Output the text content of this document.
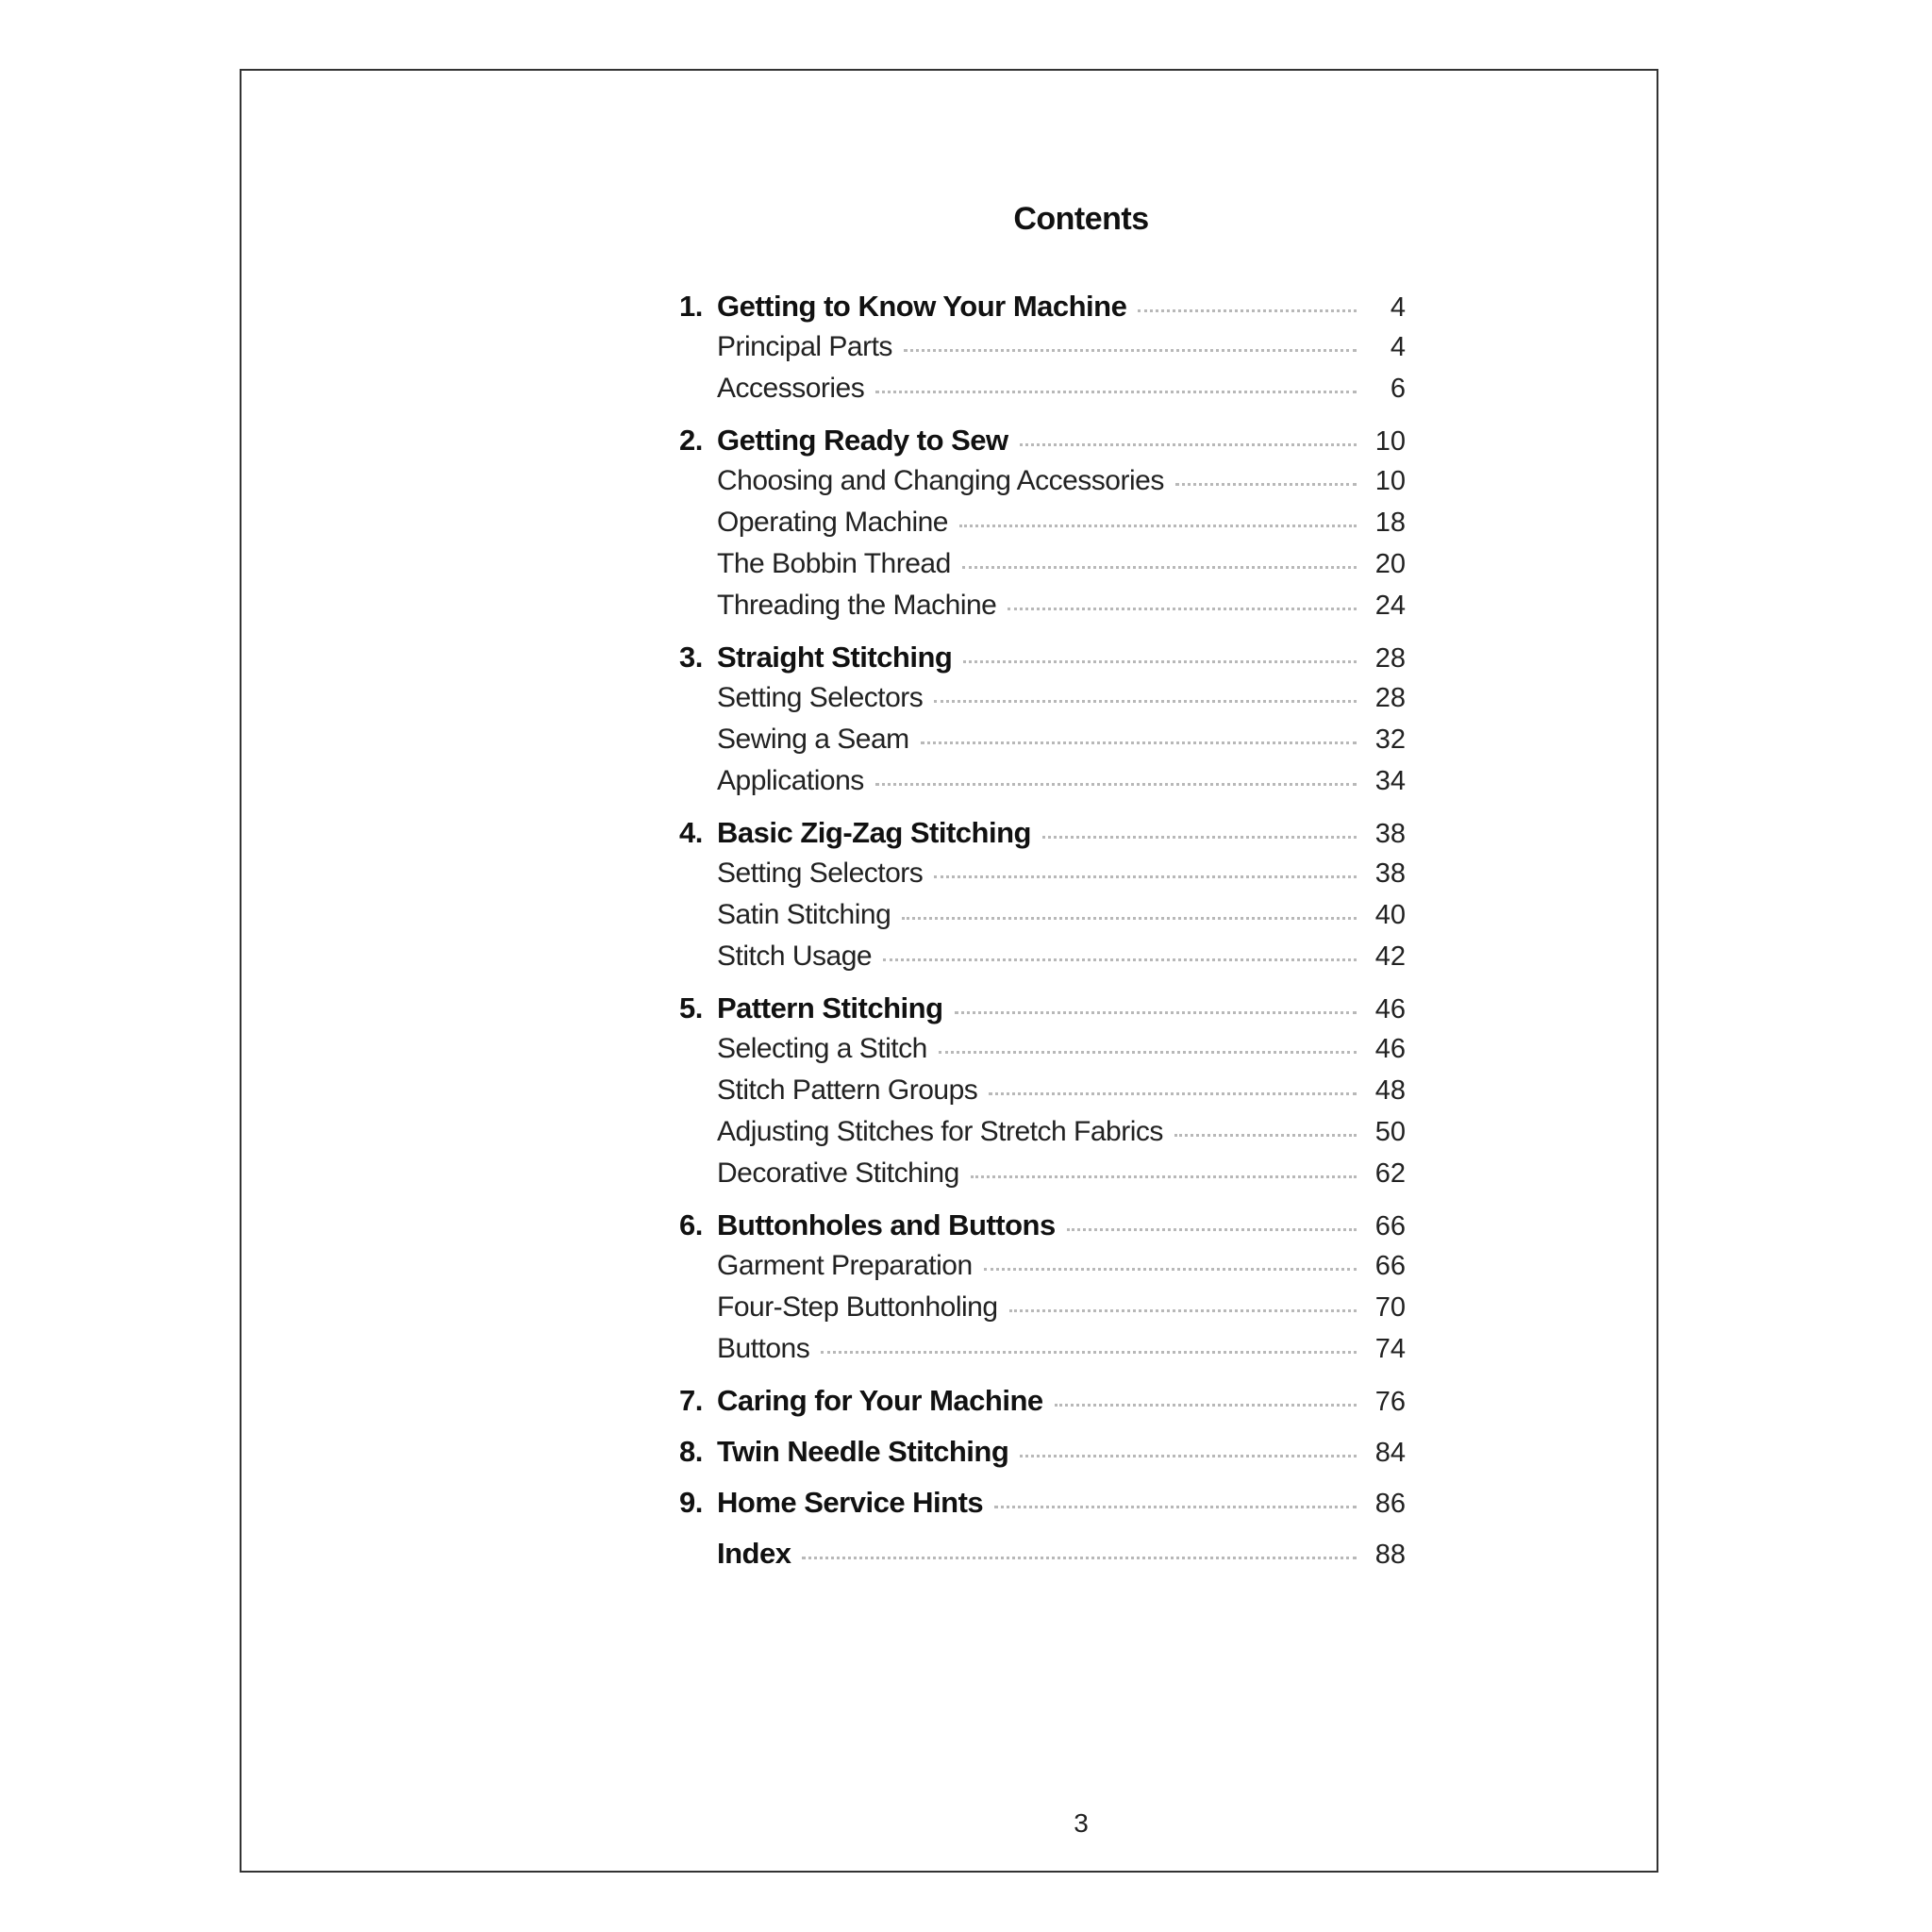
Contents
1. Getting to Know Your Machine	4
Principal Parts	4
Accessories	6
2. Getting Ready to Sew	10
Choosing and Changing Accessories	10
Operating Machine	18
The Bobbin Thread	20
Threading the Machine	24
3. Straight Stitching	28
Setting Selectors	28
Sewing a Seam	32
Applications	34
4. Basic Zig-Zag Stitching	38
Setting Selectors	38
Satin Stitching	40
Stitch Usage	42
5. Pattern Stitching	46
Selecting a Stitch	46
Stitch Pattern Groups	48
Adjusting Stitches for Stretch Fabrics	50
Decorative Stitching	62
6. Buttonholes and Buttons	66
Garment Preparation	66
Four-Step Buttonholing	70
Buttons	74
7. Caring for Your Machine	76
8. Twin Needle Stitching	84
9. Home Service Hints	86
Index	88
3
